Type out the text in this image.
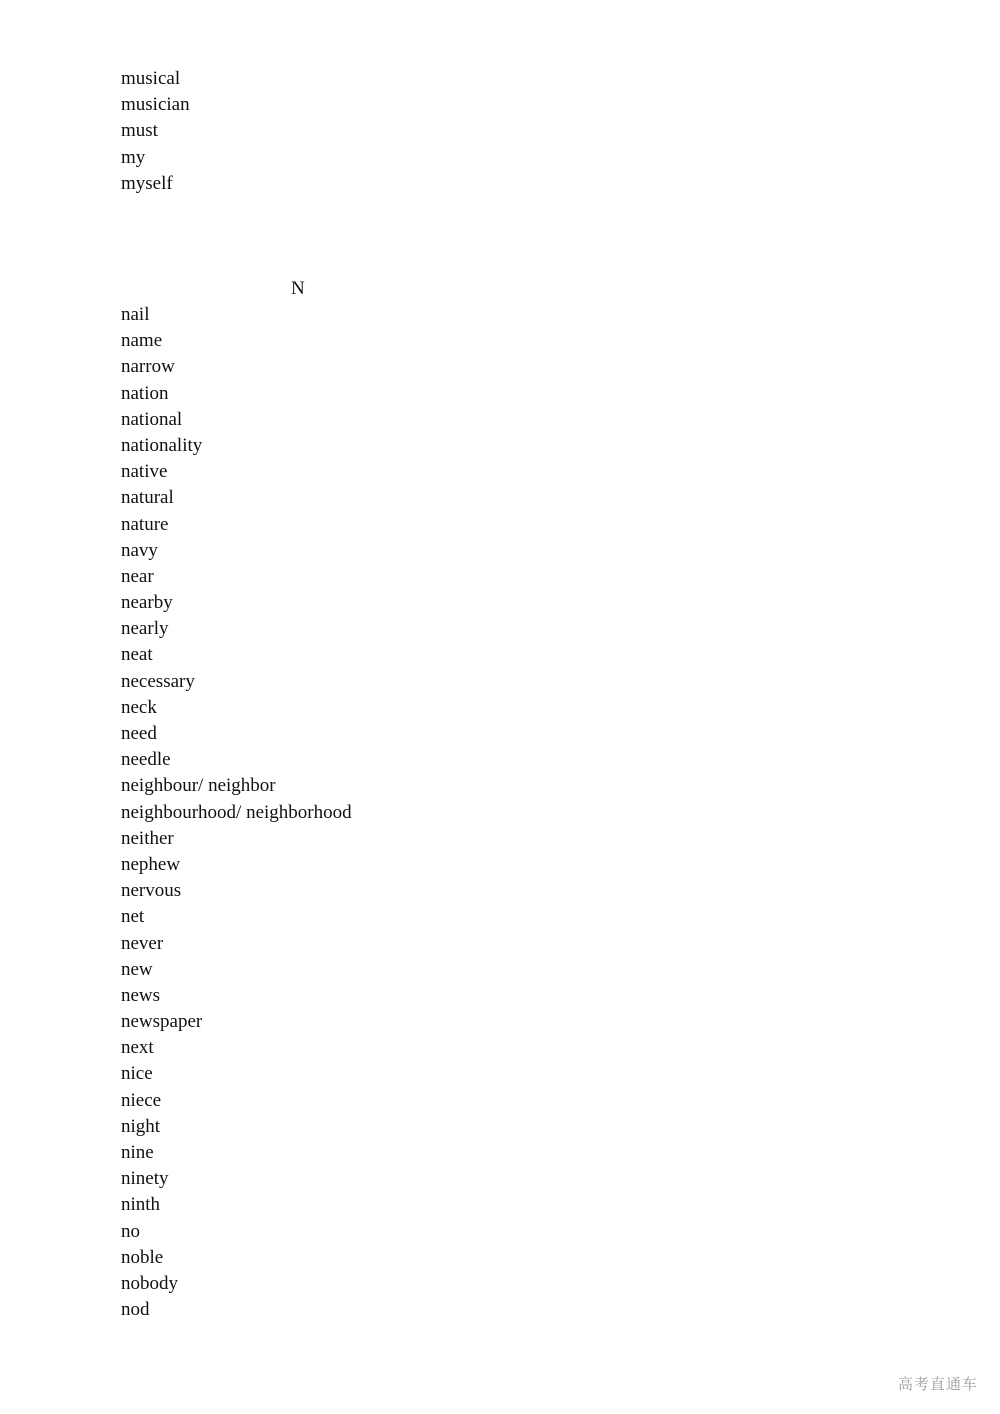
musical
musician
must
my
myself
N
nail
name
narrow
nation
national
nationality
native
natural
nature
navy
near
nearby
nearly
neat
necessary
neck
need
needle
neighbour/ neighbor
neighbourhood/ neighborhood
neither
nephew
nervous
net
never
new
news
newspaper
next
nice
niece
night
nine
ninety
ninth
no
noble
nobody
nod
高考直通车
